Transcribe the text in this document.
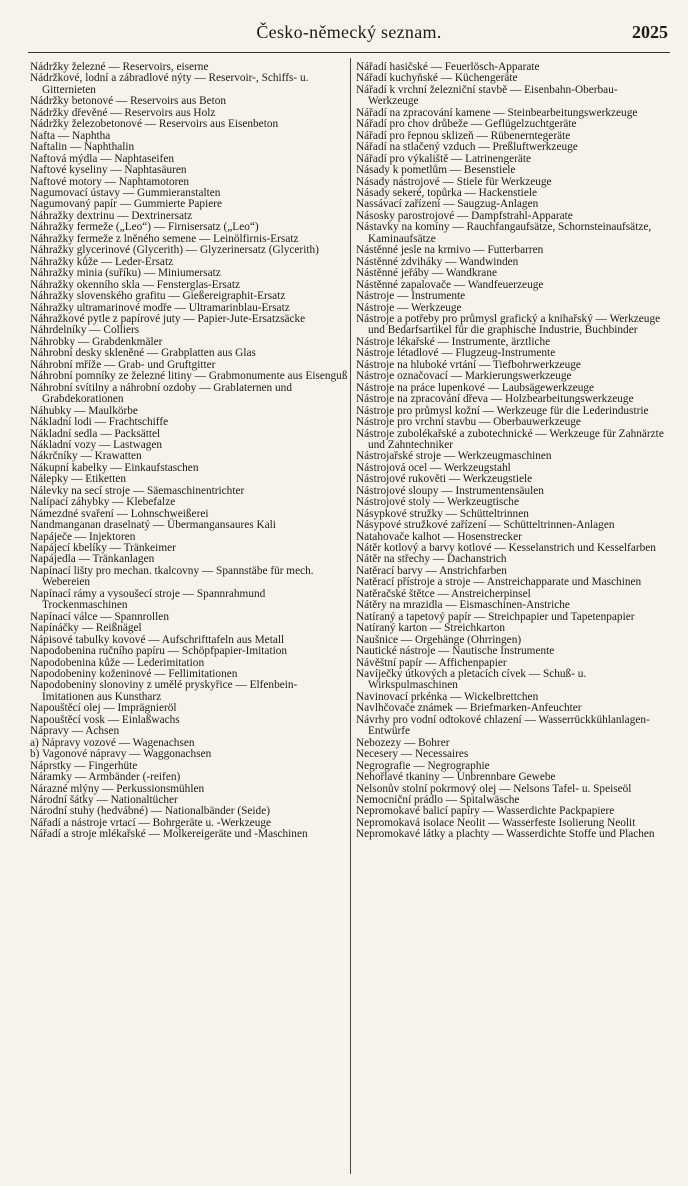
Česko-německý seznam.	2025

Nádržky železné — Reservoirs, eiserne

Nádržkové, lodní a zábradlové nýty — Reservoir-, Schiffs- u. Gitternieten

Nádržky betonové — Reservoirs aus Beton

Nádržky dřevěné — Reservoirs aus Holz

Nádržky železobetonové — Reservoirs aus Eisenbeton

Nafta — Naphtha

Naftalin — Naphthalin

Naftová mýdla — Naphtaseifen

Naftové kyseliny — Naphtasäuren

Naftové motory — Naphtamotoren

Nagumovací ústavy — Gummieranstalten

Nagumovaný papír — Gummierte Papiere

Náhražky dextrinu — Dextrinersatz

Náhražky fermeže („Leo“) — Firnisersatz („Leo“)

Náhražky fermeže z lněného semene — Leinölfirnis-Ersatz

Náhražky glycerinové (Glycerith) — Glyzerinersatz (Glycerith)

Náhražky kůže — Leder-Ersatz

Náhražky minia (suříku) — Miniumersatz

Náhražky okenního skla — Fensterglas-Ersatz

Náhražky slovenského grafitu — Gießereigraphit-Ersatz

Náhražky ultramarinové modře — Ultramarinblau-Ersatz

Náhražkové pytle z papírové juty — Papier-Jute-Ersatzsäcke

Náhrdelníky — Colliers

Náhrobky — Grabdenkmäler

Náhrobní desky skleněné — Grabplatten aus Glas

Náhrobní mříže — Grab- und Gruftgitter

Náhrobní pomníky ze železné litiny — Grabmonumente aus Eisenguß

Náhrobní svítilny a náhrobní ozdoby — Grablaternen und Grabdekorationen

Náhubky — Maulkörbe

Nákladní lodi — Frachtschiffe

Nákladní sedla — Packsättel

Nákladní vozy — Lastwagen

Nákrčníky — Krawatten

Nákupní kabelky — Einkaufstaschen

Nálepky — Etiketten

Nálevky na secí stroje — Säemaschinentrichter

Nalípací záhybky — Klebefalze

Námezdné svaření — Lohnschweißerei

Nandmanganan draselnatý — Übermangansaures Kali

Napáječe — Injektoren

Napájecí kbelíky — Tränkeimer

Napájedla — Tränkanlagen

Napínací lišty pro mechan. tkalcovny — Spannstäbe für mech. Webereien

Napínací rámy a vysoušecí stroje — Spannrahmund Trockenmaschinen

Napínací válce — Spannrollen

Napínáčky — Reißnägel

Nápisové tabulky kovové — Aufschrifttafeln aus Metall

Napodobenina ručního papíru — Schöpfpapier-Imitation

Napodobenina kůže — Lederimitation

Napodobeniny koženinové — Fellimitationen

Napodobeniny slonoviny z umělé pryskyřice — Elfenbein-Imitationen aus Kunstharz

Napouštěcí olej — Imprägnieröl

Napouštěcí vosk — Einlaßwachs

Nápravy — Achsen

a) Nápravy vozové — Wagenachsen

b) Vagonové nápravy — Waggonachsen

Náprstky — Fingerhüte

Náramky — Armbänder (-reifen)

Nárazné mlýny — Perkussionsmühlen

Národní šátky — Nationaltücher

Národní stuhy (hedvábné) — Nationalbänder (Seide)

Nářadí a nástroje vrtací — Bohrgeräte u. -Werkzeuge

Nářadí a stroje mlékařské — Molkereigeräte und -Maschinen

Nářadí hasičské — Feuerlösch-Apparate

Nářadí kuchyňské — Küchengeräte

Nářadí k vrchní železniční stavbě — Eisenbahn-Oberbau-Werkzeuge

Nářadí na zpracování kamene — Steinbearbeitungswerkzeuge

Nářadí pro chov drůbeže — Geflügelzuchtgeräte

Nářadí pro řepnou sklizeň — Rübenerntegeräte

Nářadí na stlačený vzduch — Preßluftwerkzeuge

Nářadí pro výkaliště — Latrinengeräte

Násady k pometlům — Besenstiele

Násady nástrojové — Stiele für Werkzeuge

Násady sekeré, topůrka — Hackenstiele

Nassávací zařízení — Saugzug-Anlagen

Násosky parostrojové — Dampfstrahl-Apparate

Nástavky na komíny — Rauchfangaufsätze, Schornsteinaufsätze, Kaminaufsätze

Nástěnné jesle na krmivo — Futterbarren

Nástěnné zdviháky — Wandwinden

Nástěnné jeřáby — Wandkrane

Nástěnné zapalovače — Wandfeuerzeuge

Nástroje — Instrumente

Nástroje — Werkzeuge

Nástroje a potřeby pro průmysl grafický a knihařský — Werkzeuge und Bedarfsartikel für die graphische Industrie, Buchbinder

Nástroje lékařské — Instrumente, ärztliche

Nástroje létadlové — Flugzeug-Instrumente

Nástroje na hluboké vrtání — Tiefbohrwerkzeuge

Nástroje označovací — Markierungswerkzeuge

Nástroje na práce lupenkové — Laubsägewerkzeuge

Nástroje na zpracování dřeva — Holzbearbeitungswerkzeuge

Nástroje pro průmysl kožní — Werkzeuge für die Lederindustrie

Nástroje pro vrchní stavbu — Oberbauwerkzeuge

Nástroje zubolékařské a zubotechnické — Werkzeuge für Zahnärzte und Zahntechniker

Nástrojařské stroje — Werkzeugmaschinen

Nástrojová ocel — Werkzeugstahl

Nástrojové rukověti — Werkzeugstiele

Nástrojové sloupy — Instrumentensäulen

Nástrojové stoly — Werkzeugtische

Násypkové stružky — Schütteltrinnen

Násypové stružkové zařízení — Schütteltrinnen-Anlagen

Natahovače kalhot — Hosenstrecker

Nátěr kotlový a barvy kotlové — Kesselanstrich und Kesselfarben

Nátěr na střechy — Dachanstrich

Natěrací barvy — Anstrichfarben

Natěrací přístroje a stroje — Anstreichapparate und Maschinen

Natěračské štětce — Anstreicherpinsel

Nátěry na mrazidla — Eismaschinen-Anstriche

Natíraný a tapetový papír — Streichpapier und Tapetenpapier

Natíraný karton — Streichkarton

Naušnice — Orgehänge (Ohrringen)

Nautické nástroje — Nautische Instrumente

Návěštní papír — Affichenpapier

Navíječky útkových a pletacích cívek — Schuß- u. Wirkspulmaschinen

Navinovací prkénka — Wickelbrettchen

Navlhčovače známek — Briefmarken-Anfeuchter

Návrhy pro vodní odtokové chlazení — Wasserrückkühlanlagen-Entwürfe

Nebozezy — Bohrer

Necesery — Necessaires

Negrografie — Negrographie

Nehořlavé tkaniny — Unbrennbare Gewebe

Nelsonův stolní pokrmový olej — Nelsons Tafel- u. Speiseöl

Nemocniční prádlo — Spitalwäsche

Nepromokavé balicí papíry — Wasserdichte Packpapiere

Nepromokavá isolace Neolit — Wasserfeste Isolierung Neolit

Nepromokavé látky a plachty — Wasserdichte Stoffe und Plachen
